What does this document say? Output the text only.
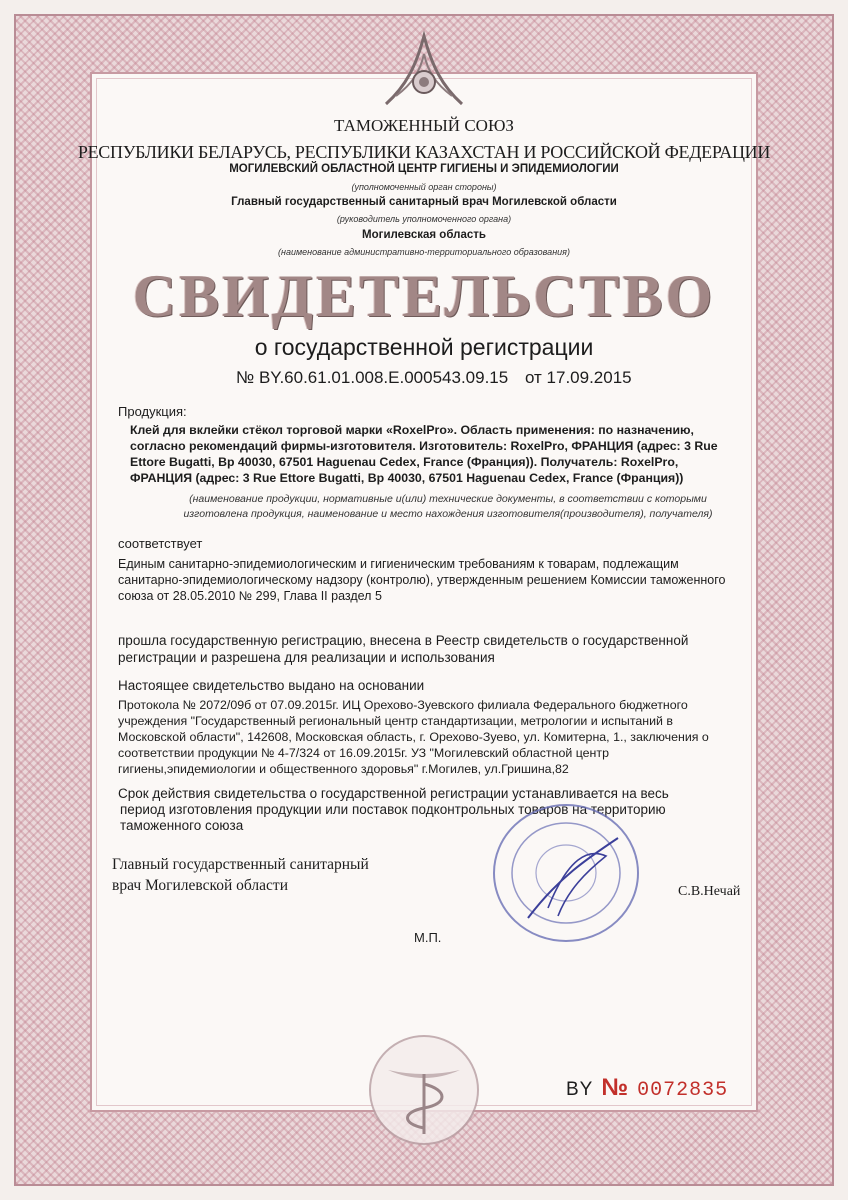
ТАМОЖЕННЫЙ СОЮЗ
РЕСПУБЛИКИ БЕЛАРУСЬ, РЕСПУБЛИКИ КАЗАХСТАН И РОССИЙСКОЙ ФЕДЕРАЦИИ
МОГИЛЕВСКИЙ ОБЛАСТНОЙ ЦЕНТР ГИГИЕНЫ И ЭПИДЕМИОЛОГИИ
(уполномоченный орган стороны)
Главный государственный санитарный врач Могилевской области
(руководитель уполномоченного органа)
Могилевская область
(наименование административно-территориального образования)
СВИДЕТЕЛЬСТВО
о государственной регистрации
№ BY.60.61.01.008.Е.000543.09.15 от 17.09.2015
Продукция:
Клей для вклейки стёкол торговой марки «RoxelPro». Область применения: по назначению,
согласно рекомендаций фирмы-изготовителя. Изготовитель: RoxelPro, ФРАНЦИЯ (адрес: 3 Rue
Ettore Bugatti, Bp 40030, 67501 Haguenau Cedex, France (Франция)). Получатель: RoxelPro,
ФРАНЦИЯ (адрес: 3 Rue Ettore Bugatti, Bp 40030, 67501 Haguenau Cedex, France (Франция))
(наименование продукции, нормативные и(или) технические документы, в соответствии с которыми
изготовлена продукция, наименование и место нахождения изготовителя(производителя), получателя)
соответствует
Единым санитарно-эпидемиологическим и гигиеническим требованиям к товарам, подлежащим
санитарно-эпидемиологическому надзору (контролю), утвержденным решением Комиссии таможенного
союза от 28.05.2010 № 299, Глава II раздел 5
прошла государственную регистрацию, внесена в Реестр свидетельств о государственной
регистрации и разрешена для реализации и использования
Настоящее свидетельство выдано на основании
Протокола № 2072/09б от 07.09.2015г. ИЦ Орехово-Зуевского филиала Федерального бюджетного
учреждения "Государственный региональный центр стандартизации, метрологии и испытаний в
Московской области", 142608, Московская область, г. Орехово-Зуево, ул. Комитерна, 1., заключения о
соответствии продукции № 4-7/324 от 16.09.2015г. УЗ "Могилевский областной центр
гигиены,эпидемиологии и общественного здоровья" г.Могилев, ул.Гришина,82
Срок действия свидетельства о государственной регистрации устанавливается на весь
период изготовления продукции или поставок подконтрольных товаров на территорию
таможенного союза
Главный государственный санитарный
врач Могилевской области	С.В.Нечай
М.П.
BY № 0072835
